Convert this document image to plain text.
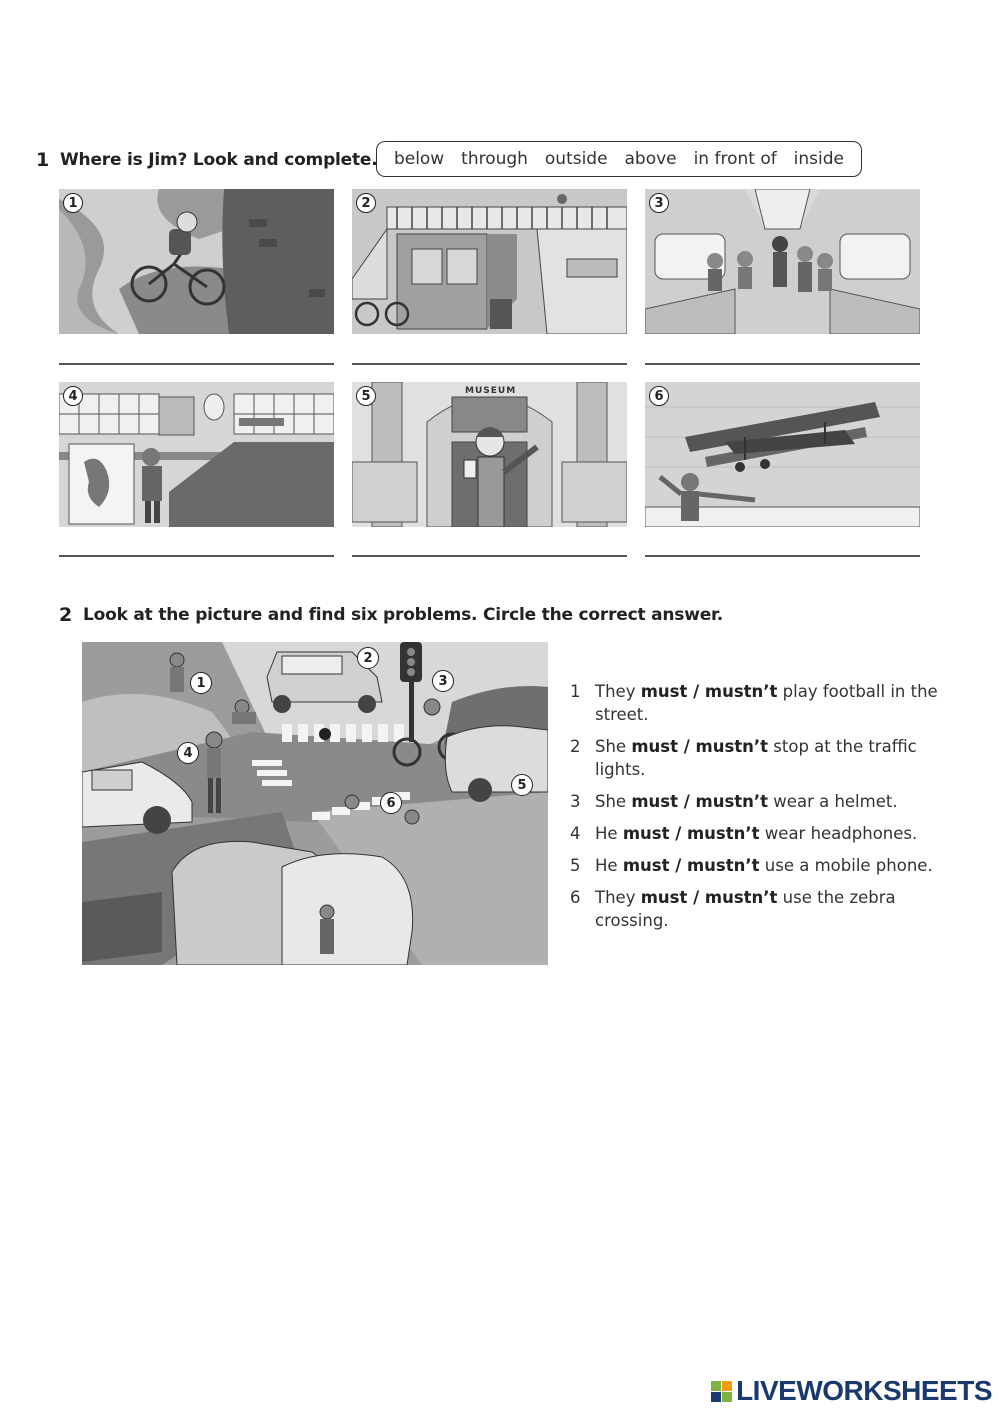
1 Where is Jim? Look and complete. below through outside above in front of inside
1	2	3
4	MUSEUM
5	6
2 Look at the picture and find six problems. Circle the correct answer.
1
2
3
4
5
6
1 They must / mustn’t play football in the street.
2 She must / mustn’t stop at the traffic lights.
3 She must / mustn’t wear a helmet.
4 He must / mustn’t wear headphones.
5 He must / mustn’t use a mobile phone.
6 They must / mustn’t use the zebra crossing.
LIVEWORKSHEETS
